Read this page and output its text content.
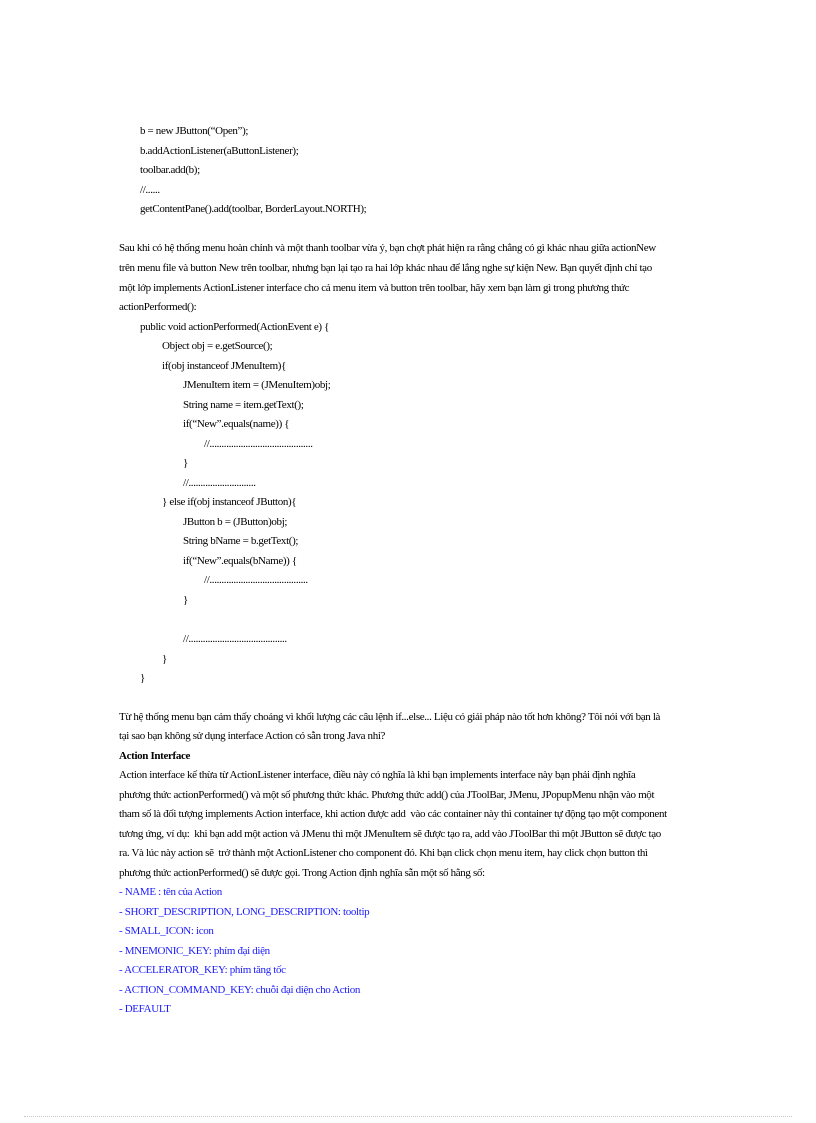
b = new JButton(“Open”);
b.addActionListener(aButtonListener);
toolbar.add(b);
//......
getContentPane().add(toolbar, BorderLayout.NORTH);
Sau khi có hệ thống menu hoàn chỉnh và một thanh toolbar vừa ý, bạn chợt phát hiện ra rằng chẳng có gì khác nhau giữa actionNew
trên menu file và button New trên toolbar, nhưng bạn lại tạo ra hai lớp khác nhau để lắng nghe sự kiện New. Bạn quyết định chỉ tạo
một lớp implements ActionListener interface cho cả menu item và button trên toolbar, hãy xem bạn làm gì trong phương thức
actionPerformed():
public void actionPerformed(ActionEvent e) {
Object obj = e.getSource();
if(obj instanceof JMenuItem){
JMenuItem item = (JMenuItem)obj;
String name = item.getText();
if(“New”.equals(name)) {
//...........................................
}
//............................
} else if(obj instanceof JButton){
JButton b = (JButton)obj;
String bName = b.getText();
if(“New”.equals(bName)) {
//.........................................
}
//.........................................
}
}
Từ hệ thống menu bạn cảm thấy choáng vì khối lượng các câu lệnh if...else... Liệu có giải pháp nào tốt hơn không? Tôi nói với bạn là
tại sao bạn không sử dụng interface Action có sẵn trong Java nhỉ?
Action Interface
Action interface kế thừa từ ActionListener interface, điều này có nghĩa là khi bạn implements interface này bạn phải định nghĩa
phương thức actionPerformed() và một số phương thức khác. Phương thức add() của JToolBar, JMenu, JPopupMenu nhận vào một
tham số là đối tượng implements Action interface, khi action được add  vào các container này thì container tự động tạo một component
tương ứng, ví dụ:  khi bạn add một action và JMenu thì một JMenuItem sẽ được tạo ra, add vào JToolBar thì một JButton sẽ được tạo
ra. Và lúc này action sẽ  trở thành một ActionListener cho component đó. Khi bạn click chọn menu item, hay click chọn button thì
phương thức actionPerformed() sẽ được gọi. Trong Action định nghĩa sẵn một số hằng số:
- NAME : tên của Action
- SHORT_DESCRIPTION, LONG_DESCRIPTION: tooltip
- SMALL_ICON: icon
- MNEMONIC_KEY: phím đại diện
- ACCELERATOR_KEY: phím tăng tốc
- ACTION_COMMAND_KEY: chuỗi đại diện cho Action
- DEFAULT
